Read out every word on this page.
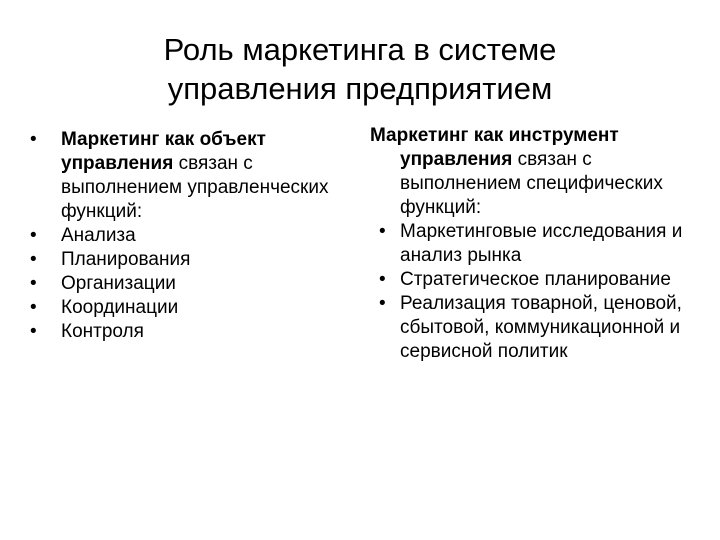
Роль маркетинга в системе
управления предприятием

•	Маркетинг как объект управления связан с выполнением управленческих функций:

•	Анализа

•	Планирования

•	Организации

•	Координации

•	Контроля

Маркетинг как инструмент управления связан с выполнением специфических функций:

• Маркетинговые исследования и анализ рынка

• Стратегическое планирование

• Реализация товарной, ценовой, сбытовой, коммуникационной и сервисной политик
